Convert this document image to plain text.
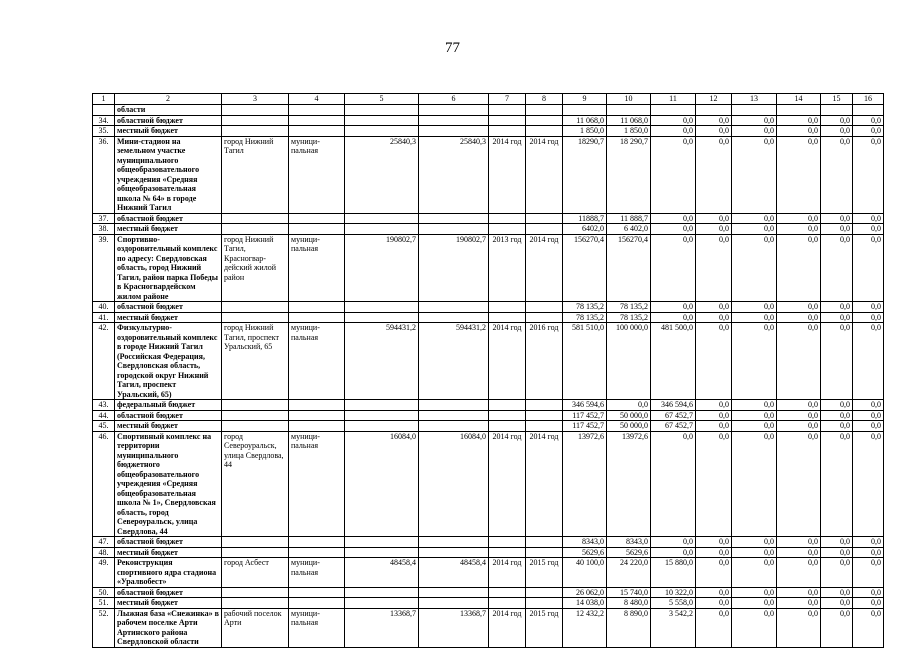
77
1	2	3	4	5	6	7	8	9	10	11	12	13	14	15	16
	области														
34.	областной бюджет							11 068,0	11 068,0	0,0	0,0	0,0	0,0	0,0	0,0
35.	местный бюджет							1 850,0	1 850,0	0,0	0,0	0,0	0,0	0,0	0,0
36.	Мини-стадион на земельном участке муниципального общеобразовательного учреждения «Средняя общеобразовательная школа № 64» в городе Нижний Тагил	город Нижний Тагил	муници-пальная	25840,3	25840,3	2014 год	2014 год	18290,7	18 290,7	0,0	0,0	0,0	0,0	0,0	0,0
37.	областной бюджет							11888,7	11 888,7	0,0	0,0	0,0	0,0	0,0	0,0
38.	местный бюджет							6402,0	6 402,0	0,0	0,0	0,0	0,0	0,0	0,0
39.	Спортивно-оздоровительный комплекс по адресу: Свердловская область, город Нижний Тагил, район парка Победы в Красногвардейском жилом районе	город Нижний Тагил, Красногвар-дейский жилой район	муници-пальная	190802,7	190802,7	2013 год	2014 год	156270,4	156270,4	0,0	0,0	0,0	0,0	0,0	0,0
40.	областной бюджет							78 135,2	78 135,2	0,0	0,0	0,0	0,0	0,0	0,0
41.	местный бюджет							78 135,2	78 135,2	0,0	0,0	0,0	0,0	0,0	0,0
42.	Физкультурно-оздоровительный комплекс в городе Нижний Тагил (Российская Федерация, Свердловская область, городской округ Нижний Тагил, проспект Уральский, 65)	город Нижний Тагил, проспект Уральский, 65	муници-пальная	594431,2	594431,2	2014 год	2016 год	581 510,0	100 000,0	481 500,0	0,0	0,0	0,0	0,0	0,0
43.	федеральный бюджет							346 594,6	0,0	346 594,6	0,0	0,0	0,0	0,0	0,0
44.	областной бюджет							117 452,7	50 000,0	67 452,7	0,0	0,0	0,0	0,0	0,0
45.	местный бюджет							117 452,7	50 000,0	67 452,7	0,0	0,0	0,0	0,0	0,0
46.	Спортивный комплекс на территории муниципального бюджетного общеобразовательного учреждения «Средняя общеобразовательная школа № 1», Свердловская область, город Североуральск, улица Свердлова, 44	город Североуральск, улица Свердлова, 44	муници-пальная	16084,0	16084,0	2014 год	2014 год	13972,6	13972,6	0,0	0,0	0,0	0,0	0,0	0,0
47.	областной бюджет							8343,0	8343,0	0,0	0,0	0,0	0,0	0,0	0,0
48.	местный бюджет							5629,6	5629,6	0,0	0,0	0,0	0,0	0,0	0,0
49.	Реконструкция спортивного ядра стадиона «Уралвобест»	город Асбест	муници-пальная	48458,4	48458,4	2014 год	2015 год	40 100,0	24 220,0	15 880,0	0,0	0,0	0,0	0,0	0,0
50.	областной бюджет							26 062,0	15 740,0	10 322,0	0,0	0,0	0,0	0,0	0,0
51.	местный бюджет							14 038,0	8 480,0	5 558,0	0,0	0,0	0,0	0,0	0,0
52.	Лыжная база «Снежинка» в рабочем поселке Арти Артинского района Свердловской области	рабочий поселок Арти	муници-пальная	13368,7	13368,7	2014 год	2015 год	12 432,2	8 890,0	3 542,2	0,0	0,0	0,0	0,0	0,0
